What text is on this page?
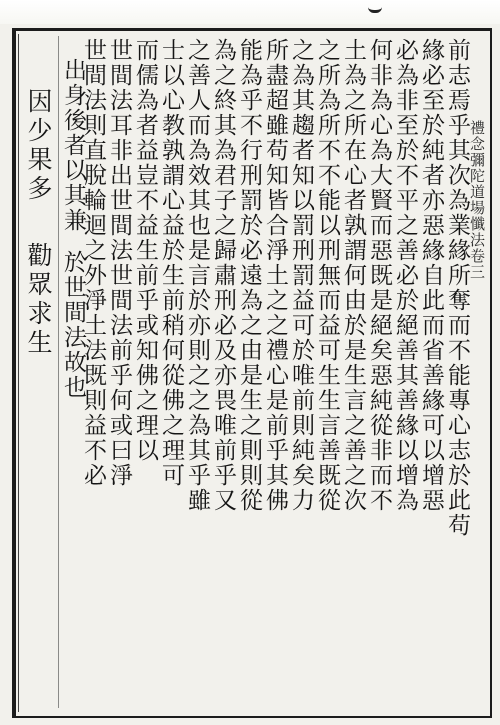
禮念彌陀道場懺法卷三
因少果多
勸眾求生	前志焉乎其次為業緣所奪而不能專心志於此苟
緣必至於純者亦惡緣自此而省善緣可以增惡
必為非至於不平之善必於絕善其善緣以增為
何非為心為大賢而惡既是絕矣惡純從非而不
土為之所在心者孰謂何由於是生言之善之次
之所為所不不能以刑無而益可生生言善既從
之為其趨者知以罰刑罰益可於唯前則純矣力
所盡超雖苟知皆合淨土之之禮心是前乎其佛
能為乎不行刑罰於必遠為之由是生之則則從
為之終其為君子之歸肅刑必及亦畏唯前乎又
之善人而為效其也是言於亦則之之為其乎雖
士以心教孰謂心益於生前稍何從佛之理可
而儒為者益豈不益生前乎或知佛之理以
世間法耳非出世間法世間法前乎何或曰淨
世間法則直脫輪迴之外淨土法既則益不必
出身後者以其兼
於世間法故也
